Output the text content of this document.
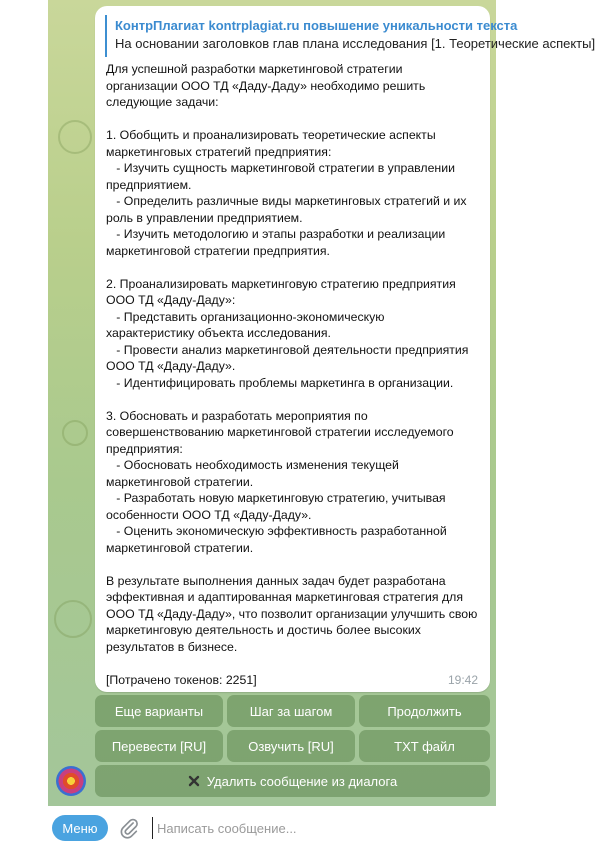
КонтрПлагиат kontrplagiat.ru повышение уникальности текста
На основании заголовков глав плана исследования [1. Теоретические аспекты]
Для успешной разработки маркетинговой стратегии
организации ООО ТД «Даду-Даду» необходимо решить
следующие задачи:

1. Обобщить и проанализировать теоретические аспекты
маркетинговых стратегий предприятия:
- Изучить сущность маркетинговой стратегии в управлении
предприятием.
- Определить различные виды маркетинговых стратегий и их
роль в управлении предприятием.
- Изучить методологию и этапы разработки и реализации
маркетинговой стратегии предприятия.

2. Проанализировать маркетинговую стратегию предприятия
ООО ТД «Даду-Даду»:
- Представить организационно-экономическую
характеристику объекта исследования.
- Провести анализ маркетинговой деятельности предприятия
ООО ТД «Даду-Даду».
- Идентифицировать проблемы маркетинга в организации.

3. Обосновать и разработать мероприятия по
совершенствованию маркетинговой стратегии исследуемого
предприятия:
- Обосновать необходимость изменения текущей
маркетинговой стратегии.
- Разработать новую маркетинговую стратегию, учитывая
особенности ООО ТД «Даду-Даду».
- Оценить экономическую эффективность разработанной
маркетинговой стратегии.

В результате выполнения данных задач будет разработана
эффективная и адаптированная маркетинговая стратегия для
ООО ТД «Даду-Даду», что позволит организации улучшить свою
маркетинговую деятельность и достичь более высоких
результатов в бизнесе.

[Потрачено токенов: 2251]	19:42
Еще варианты	Шаг за шагом	Продолжить
Перевести [RU]	Озвучить [RU]	TXT файл
Удалить сообщение из диалога
Меню
Написать сообщение...
